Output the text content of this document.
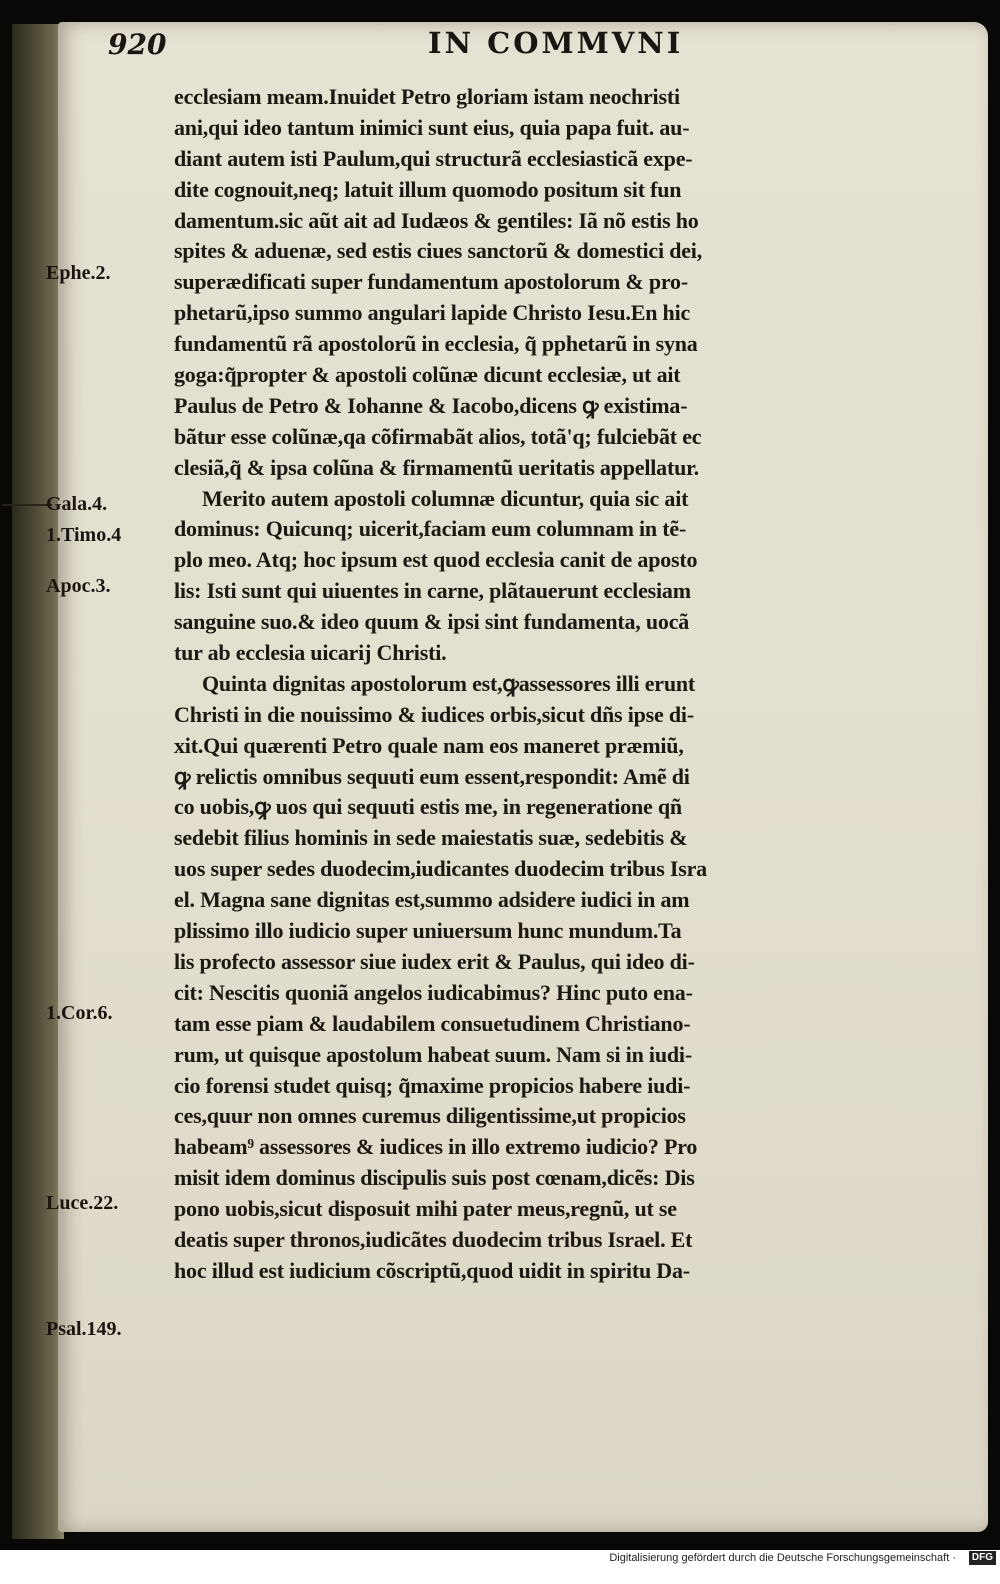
920	IN COMMVNI
Ephe.2.
Gala.4.
1.Timo.4
Apoc.3.
1.Cor.6.
Luce.22.
Psal.149.
ecclesiam meam.Inuidet Petro gloriam istam neochristi
ani,qui ideo tantum inimici sunt eius, quia papa fuit. au-
diant autem isti Paulum,qui structurã ecclesiasticã expe-
dite cognouit,neq; latuit illum quomodo positum sit fun
damentum.sic aũt ait ad Iudæos & gentiles: Iã nõ estis ho
spites & aduenæ, sed estis ciues sanctorũ & domestici dei,
superædificati super fundamentum apostolorum & pro-
phetarũ,ipso summo angulari lapide Christo Iesu.En hic
fundamentũ rã apostolorũ in ecclesia, q̃ pphetarũ in syna
goga:q̃propter & apostoli colũnæ dicunt ecclesiæ, ut ait
Paulus de Petro & Iohanne & Iacobo,dicens ꝙ existima-
bãtur esse colũnæ,qa cõfirmabãt alios, totã'q; fulciebãt ec
clesiã,q̃ & ipsa colũna & firmamentũ ueritatis appellatur.
Merito autem apostoli columnæ dicuntur, quia sic ait
dominus: Quicunq; uicerit,faciam eum columnam in tẽ-
plo meo. Atq; hoc ipsum est quod ecclesia canit de aposto
lis: Isti sunt qui uiuentes in carne, plãtauerunt ecclesiam
sanguine suo.& ideo quum & ipsi sint fundamenta, uocã
tur ab ecclesia uicarij Christi.
Quinta dignitas apostolorum est,ꝙassessores illi erunt
Christi in die nouissimo & iudices orbis,sicut dñs ipse di-
xit.Qui quærenti Petro quale nam eos maneret præmiũ,
ꝙ relictis omnibus sequuti eum essent,respondit: Amẽ di
co uobis,ꝙ uos qui sequuti estis me, in regeneratione qñ
sedebit filius hominis in sede maiestatis suæ, sedebitis &
uos super sedes duodecim,iudicantes duodecim tribus Isra
el. Magna sane dignitas est,summo adsidere iudici in am
plissimo illo iudicio super uniuersum hunc mundum.Ta
lis profecto assessor siue iudex erit & Paulus, qui ideo di-
cit: Nescitis quoniã angelos iudicabimus? Hinc puto ena-
tam esse piam & laudabilem consuetudinem Christiano-
rum, ut quisque apostolum habeat suum. Nam si in iudi-
cio forensi studet quisq; q̃maxime propicios habere iudi-
ces,quur non omnes curemus diligentissime,ut propicios
habeam⁹ assessores & iudices in illo extremo iudicio? Pro
misit idem dominus discipulis suis post cœnam,dicẽs: Dis
pono uobis,sicut disposuit mihi pater meus,regnũ, ut se
deatis super thronos,iudicãtes duodecim tribus Israel. Et
hoc illud est iudicium cõscriptũ,quod uidit in spiritu Da-
Digitalisierung gefördert durch die Deutsche Forschungsgemeinschaft ·	DFG
